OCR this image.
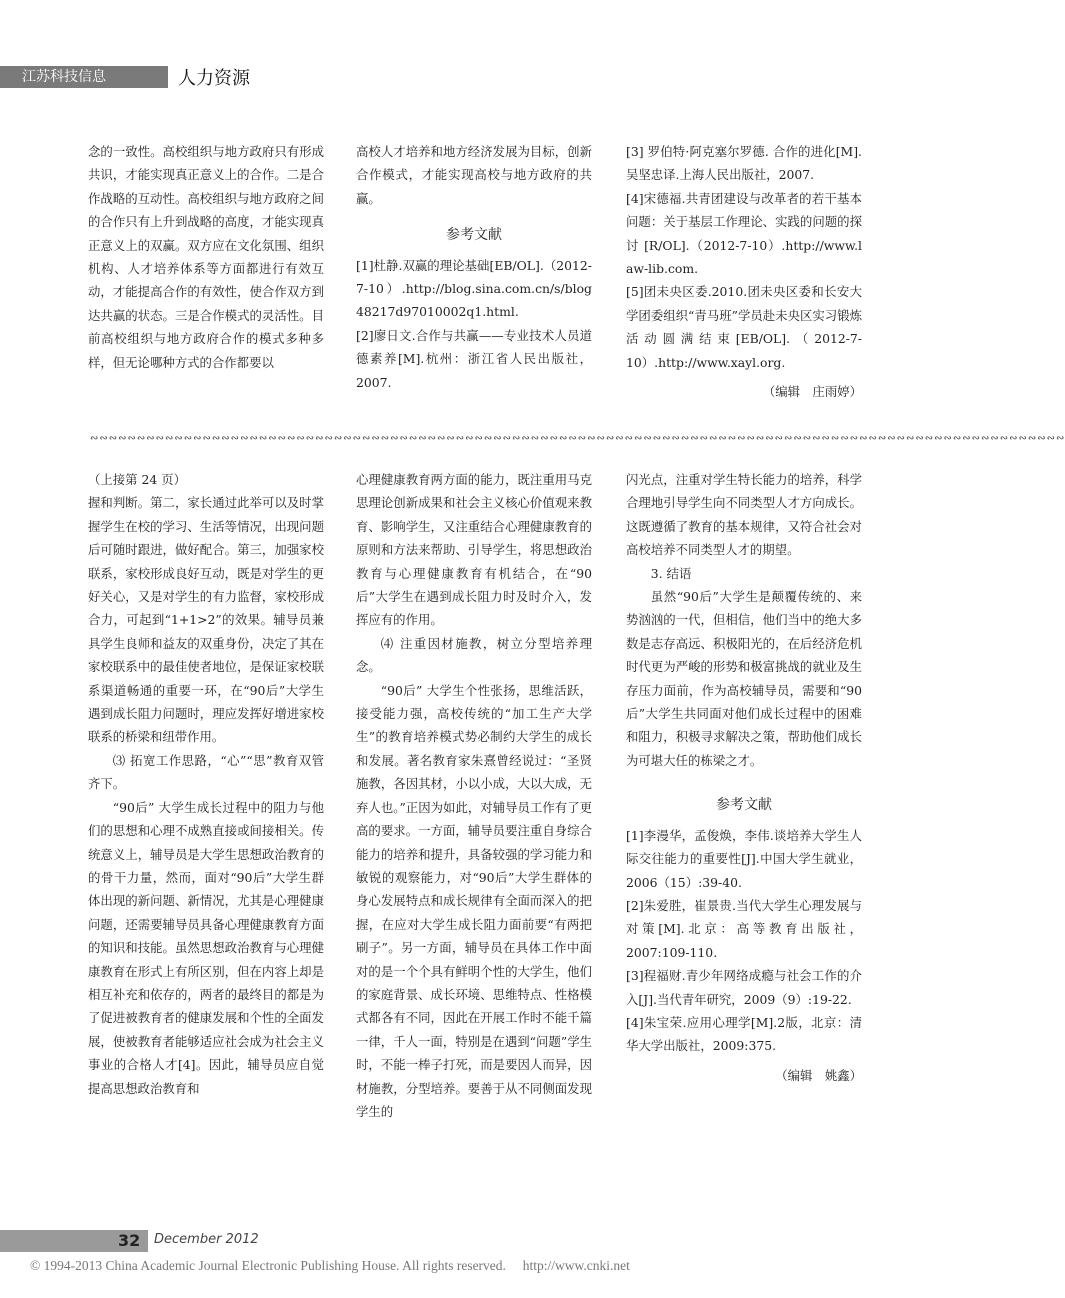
江苏科技信息	人力资源

念的一致性。高校组织与地方政府只有形成共识，才能实现真正意义上的合作。二是合作战略的互动性。高校组织与地方政府之间的合作只有上升到战略的高度，才能实现真正意义上的双赢。双方应在文化氛围、组织机构、人才培养体系等方面都进行有效互动，才能提高合作的有效性，使合作双方到达共赢的状态。三是合作模式的灵活性。目前高校组织与地方政府合作的模式多种多样，但无论哪种方式的合作都要以

高校人才培养和地方经济发展为目标，创新合作模式，才能实现高校与地方政府的共赢。

参考文献

[1]杜静.双赢的理论基础[EB/OL].（2012-7-10）.http://blog.sina.com.cn/s/blog48217d97010002q1.html.

[2]廖日文.合作与共赢——专业技术人员道德素养[M].杭州：浙江省人民出版社，2007.

[3] 罗伯特·阿克塞尔罗德. 合作的进化[M].吴坚忠译.上海人民出版社，2007.

[4]宋德福.共青团建设与改革者的若干基本问题：关于基层工作理论、实践的问题的探讨 [R/OL].（2012-7-10）.http://www.law-lib.com.

[5]团未央区委.2010.团未央区委和长安大学团委组织“青马班”学员赴未央区实习锻炼活动圆满结束[EB/OL].（2012-7-10）.http://www.xayl.org.

（编辑　庄雨婷）
∾∾∾∾∾∾∾∾∾∾∾∾∾∾∾∾∾∾∾∾∾∾∾∾∾∾∾∾∾∾∾∾∾∾∾∾∾∾∾∾∾∾∾∾∾∾∾∾∾∾∾∾∾∾∾∾∾∾∾∾∾∾∾∾∾∾∾∾∾∾∾∾∾∾∾∾∾∾∾∾∾∾∾∾∾∾∾∾∾∾∾∾∾∾∾∾∾∾∾∾∾∾∾∾

（上接第 24 页）

握和判断。第二，家长通过此举可以及时掌握学生在校的学习、生活等情况，出现问题后可随时跟进，做好配合。第三，加强家校联系，家校形成良好互动，既是对学生的更好关心，又是对学生的有力监督，家校形成合力，可起到“1+1>2”的效果。辅导员兼具学生良师和益友的双重身份，决定了其在家校联系中的最佳使者地位，是保证家校联系渠道畅通的重要一环，在“90后”大学生遇到成长阻力问题时，理应发挥好增进家校联系的桥梁和纽带作用。

⑶ 拓宽工作思路，“心”“思”教育双管齐下。

“90后” 大学生成长过程中的阻力与他们的思想和心理不成熟直接或间接相关。传统意义上，辅导员是大学生思想政治教育的的骨干力量，然而，面对“90后”大学生群体出现的新问题、新情况，尤其是心理健康问题，还需要辅导员具备心理健康教育方面的知识和技能。虽然思想政治教育与心理健康教育在形式上有所区别，但在内容上却是相互补充和依存的，两者的最终目的都是为了促进被教育者的健康发展和个性的全面发展，使被教育者能够适应社会成为社会主义事业的合格人才[4]。因此，辅导员应自觉提高思想政治教育和

心理健康教育两方面的能力，既注重用马克思理论创新成果和社会主义核心价值观来教育、影响学生，又注重结合心理健康教育的原则和方法来帮助、引导学生，将思想政治教育与心理健康教育有机结合，在“90后”大学生在遇到成长阻力时及时介入，发挥应有的作用。

⑷ 注重因材施教，树立分型培养理念。

“90后” 大学生个性张扬，思维活跃，接受能力强，高校传统的“加工生产大学生”的教育培养模式势必制约大学生的成长和发展。著名教育家朱熹曾经说过：“圣贤施教，各因其材，小以小成，大以大成，无弃人也。”正因为如此，对辅导员工作有了更高的要求。一方面，辅导员要注重自身综合能力的培养和提升，具备较强的学习能力和敏锐的观察能力，对“90后”大学生群体的身心发展特点和成长规律有全面而深入的把握，在应对大学生成长阻力面前要“有两把刷子”。另一方面，辅导员在具体工作中面对的是一个个具有鲜明个性的大学生，他们的家庭背景、成长环境、思维特点、性格模式都各有不同，因此在开展工作时不能千篇一律，千人一面，特别是在遇到“问题”学生时，不能一棒子打死，而是要因人而异，因材施教，分型培养。要善于从不同侧面发现学生的

闪光点，注重对学生特长能力的培养，科学合理地引导学生向不同类型人才方向成长。这既遵循了教育的基本规律，又符合社会对高校培养不同类型人才的期望。

3. 结语

虽然“90后”大学生是颠覆传统的、来势汹汹的一代，但相信，他们当中的绝大多数是志存高远、积极阳光的，在后经济危机时代更为严峻的形势和极富挑战的就业及生存压力面前，作为高校辅导员，需要和“90后”大学生共同面对他们成长过程中的困难和阻力，积极寻求解决之策，帮助他们成长为可堪大任的栋梁之才。

参考文献

[1]李漫华，孟俊焕，李伟.谈培养大学生人际交往能力的重要性[J].中国大学生就业，2006（15）:39-40.

[2]朱爱胜，崔景贵.当代大学生心理发展与对策[M].北京：高等教育出版社，2007:109-110.

[3]程福财.青少年网络成瘾与社会工作的介入[J].当代青年研究，2009（9）:19-22.

[4]朱宝荣.应用心理学[M].2版，北京：清华大学出版社，2009:375.

（编辑　姚鑫）
32 December 2012
© 1994-2013 China Academic Journal Electronic Publishing House. All rights reserved.　 http://www.cnki.net
